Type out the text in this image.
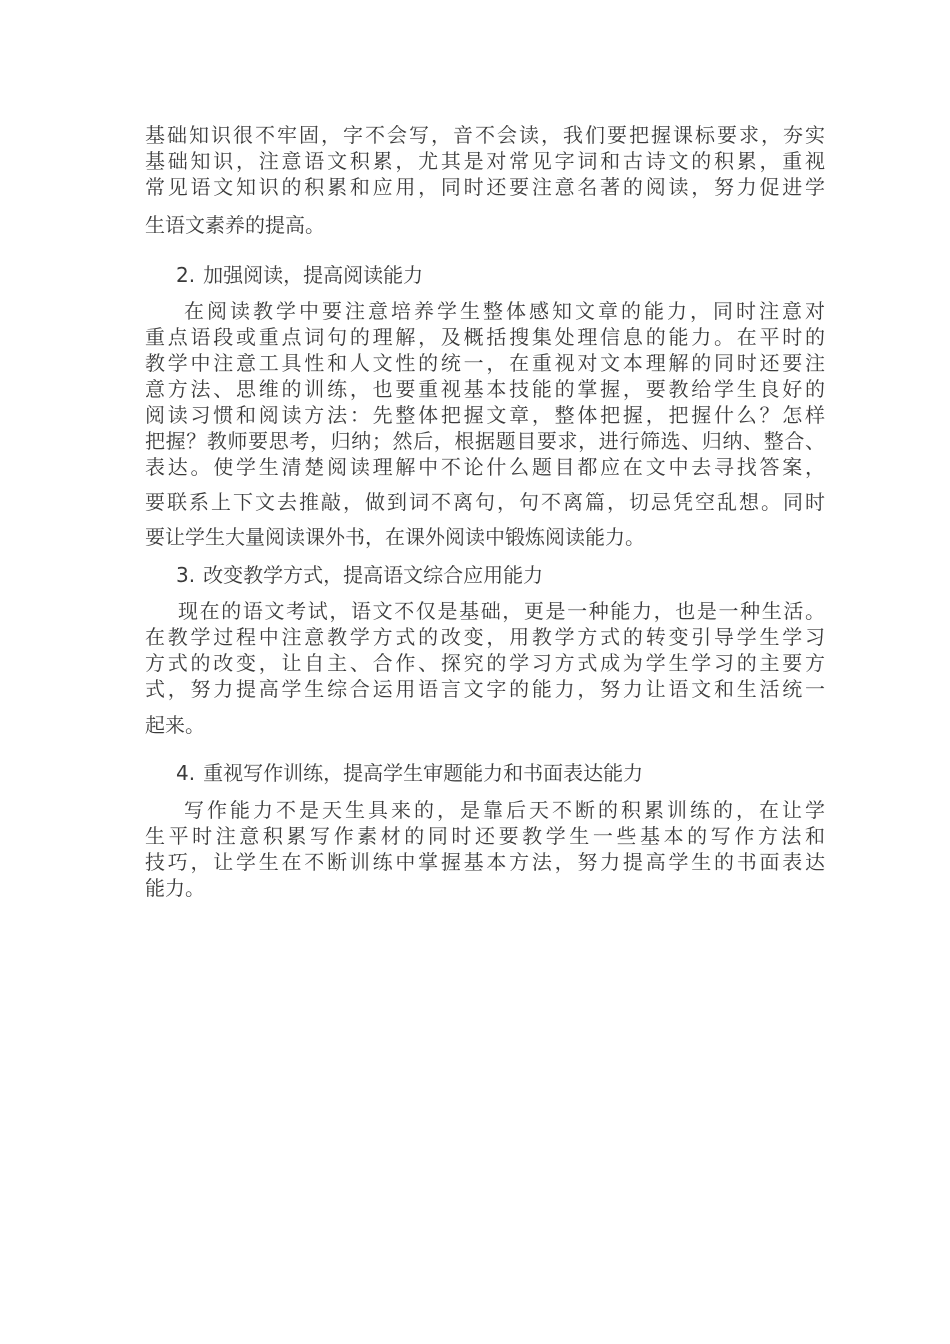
基础知识很不牢固，字不会写，音不会读，我们要把握课标要求，夯实
基础知识，注意语文积累，尤其是对常见字词和古诗文的积累，重视
常见语文知识的积累和应用，同时还要注意名著的阅读，努力促进学
生语文素养的提高。
2. 加强阅读，提高阅读能力
在阅读教学中要注意培养学生整体感知文章的能力，同时注意对
重点语段或重点词句的理解，及概括搜集处理信息的能力。在平时的
教学中注意工具性和人文性的统一，在重视对文本理解的同时还要注
意方法、思维的训练，也要重视基本技能的掌握，要教给学生良好的
阅读习惯和阅读方法：先整体把握文章，整体把握，把握什么？怎样
把握？教师要思考，归纳；然后，根据题目要求，进行筛选、归纳、整合、
表达。使学生清楚阅读理解中不论什么题目都应在文中去寻找答案，
要联系上下文去推敲，做到词不离句，句不离篇，切忌凭空乱想。同时
要让学生大量阅读课外书，在课外阅读中锻炼阅读能力。
3. 改变教学方式，提高语文综合应用能力
现在的语文考试，语文不仅是基础，更是一种能力，也是一种生活。
在教学过程中注意教学方式的改变，用教学方式的转变引导学生学习
方式的改变，让自主、合作、探究的学习方式成为学生学习的主要方
式，努力提高学生综合运用语言文字的能力，努力让语文和生活统一
起来。
4. 重视写作训练，提高学生审题能力和书面表达能力
写作能力不是天生具来的，是靠后天不断的积累训练的，在让学
生平时注意积累写作素材的同时还要教学生一些基本的写作方法和
技巧，让学生在不断训练中掌握基本方法，努力提高学生的书面表达
能力。
